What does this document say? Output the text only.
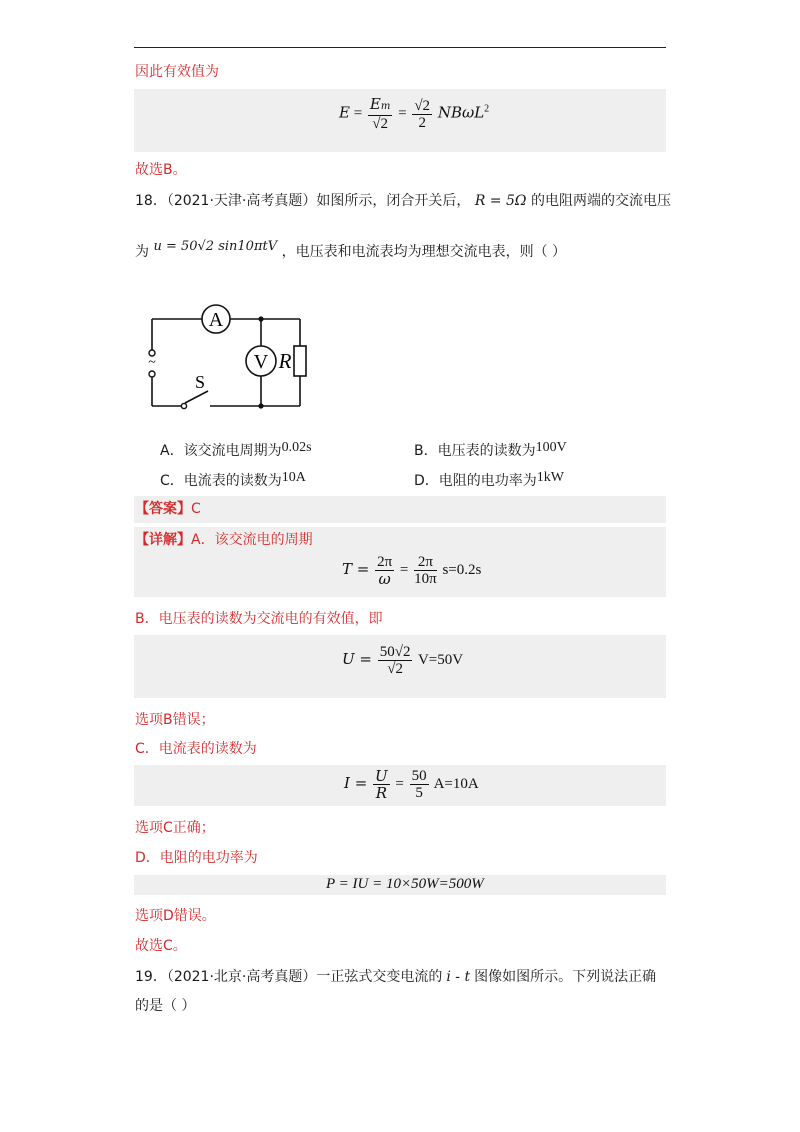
因此有效值为
$E = \frac{Em}{√2} = \frac{√2}{2} NB\omega L^2$
故选B。
18．（2021·天津·高考真题）如图所示，闭合开关后， R = 5Ω 的电阻两端的交流电压
为 u = 50√2 sin10πtV ，电压表和电流表均为理想交流电表，则（ ）
A
V R
S
~
A．该交流电周期为0.02s	B．电压表的读数为100V
C．电流表的读数为10A	D．电阻的电功率为1kW
【答案】C
$T = \frac{2\pi}{\omega} = \frac{2\pi}{10\pi} s=0.2s$
【详解】A．该交流电的周期
B．电压表的读数为交流电的有效值，即
$U = \frac{50√2}{√2} V=50V$
选项B错误；
C．电流表的读数为
$I = \frac{U}{R} = \frac{50}{5} A=10A$
选项C正确；
D．电阻的电功率为
P = IU = 10×50W=500W
选项D错误。
故选C。
19．（2021·北京·高考真题）一正弦式交变电流的 i - t 图像如图所示。下列说法正确
的是（ ）
